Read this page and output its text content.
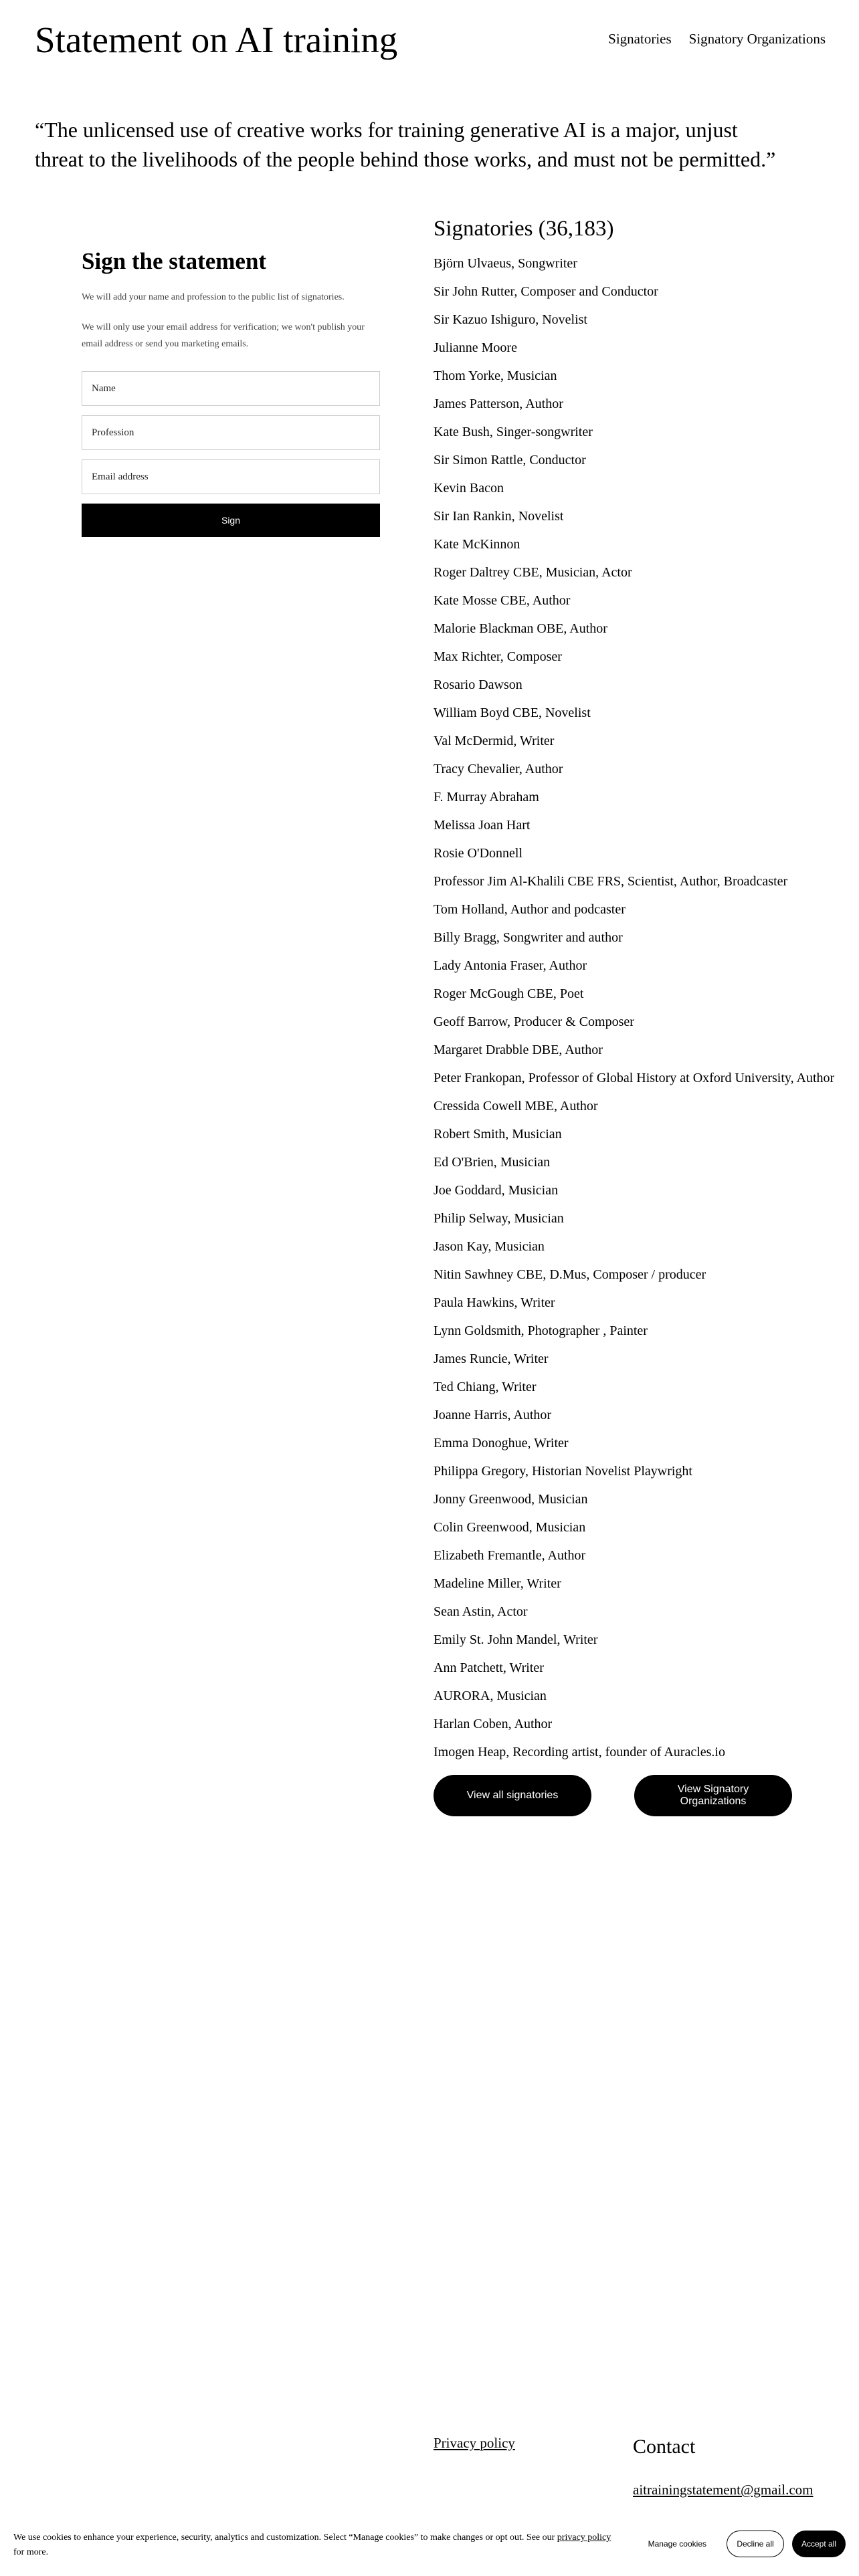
Statement on AI training	Signatories Signatory Organizations
“The unlicensed use of creative works for training generative AI is a major, unjust threat to the livelihoods of the people behind those works, and must not be permitted.”
Sign the statement

We will add your name and profession to the public list of signatories.

We will only use your email address for verification; we won't publish your email address or send you marketing emails.

Name
Profession
Email address
Sign
Signatories (36,183)
Björn Ulvaeus, Songwriter
Sir John Rutter, Composer and Conductor
Sir Kazuo Ishiguro, Novelist
Julianne Moore
Thom Yorke, Musician
James Patterson, Author
Kate Bush, Singer-songwriter
Sir Simon Rattle, Conductor
Kevin Bacon
Sir Ian Rankin, Novelist
Kate McKinnon
Roger Daltrey CBE, Musician, Actor
Kate Mosse CBE, Author
Malorie Blackman OBE, Author
Max Richter, Composer
Rosario Dawson
William Boyd CBE, Novelist
Val McDermid, Writer
Tracy Chevalier, Author
F. Murray Abraham
Melissa Joan Hart
Rosie O'Donnell
Professor Jim Al-Khalili CBE FRS, Scientist, Author, Broadcaster
Tom Holland, Author and podcaster
Billy Bragg, Songwriter and author
Lady Antonia Fraser, Author
Roger McGough CBE, Poet
Geoff Barrow, Producer & Composer
Margaret Drabble DBE, Author
Peter Frankopan, Professor of Global History at Oxford University, Author
Cressida Cowell MBE, Author
Robert Smith, Musician
Ed O'Brien, Musician
Joe Goddard, Musician
Philip Selway, Musician
Jason Kay, Musician
Nitin Sawhney CBE, D.Mus, Composer / producer
Paula Hawkins, Writer
Lynn Goldsmith, Photographer , Painter
James Runcie, Writer
Ted Chiang, Writer
Joanne Harris, Author
Emma Donoghue, Writer
Philippa Gregory, Historian Novelist Playwright
Jonny Greenwood, Musician
Colin Greenwood, Musician
Elizabeth Fremantle, Author
Madeline Miller, Writer
Sean Astin, Actor
Emily St. John Mandel, Writer
Ann Patchett, Writer
AURORA, Musician
Harlan Coben, Author
Imogen Heap, Recording artist, founder of Auracles.io
View all signatories
View Signatory Organizations
Privacy policy	Contact
aitrainingstatement@gmail.com

We use cookies to enhance your experience, security, analytics and customization. Select “Manage cookies” to make changes or opt out. See our privacy policy for more.

Manage cookies	Decline all	Accept all
